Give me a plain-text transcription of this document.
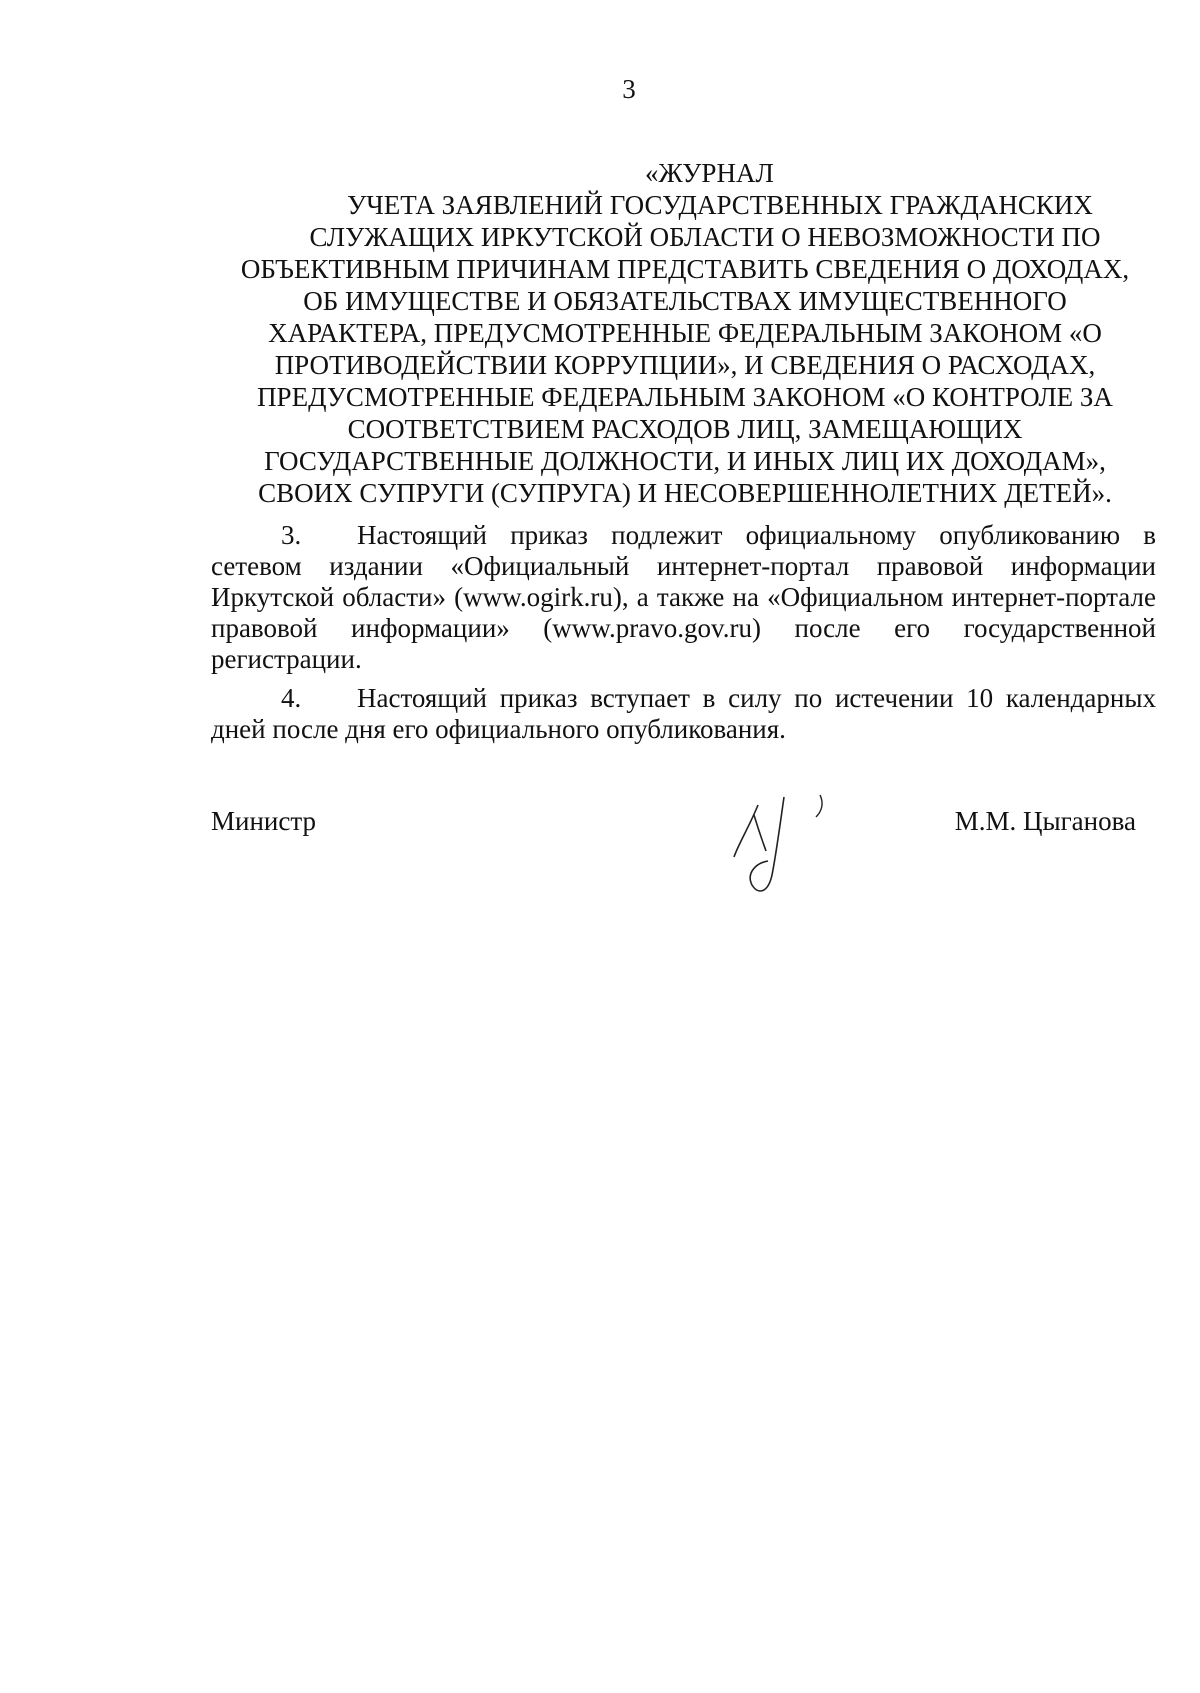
3
«ЖУРНАЛ
УЧЕТА ЗАЯВЛЕНИЙ ГОСУДАРСТВЕННЫХ ГРАЖДАНСКИХ
СЛУЖАЩИХ ИРКУТСКОЙ ОБЛАСТИ О НЕВОЗМОЖНОСТИ ПО
ОБЪЕКТИВНЫМ ПРИЧИНАМ ПРЕДСТАВИТЬ СВЕДЕНИЯ О ДОХОДАХ,
ОБ ИМУЩЕСТВЕ И ОБЯЗАТЕЛЬСТВАХ ИМУЩЕСТВЕННОГО
ХАРАКТЕРА, ПРЕДУСМОТРЕННЫЕ ФЕДЕРАЛЬНЫМ ЗАКОНОМ «О
ПРОТИВОДЕЙСТВИИ КОРРУПЦИИ», И СВЕДЕНИЯ О РАСХОДАХ,
ПРЕДУСМОТРЕННЫЕ ФЕДЕРАЛЬНЫМ ЗАКОНОМ «О КОНТРОЛЕ ЗА
СООТВЕТСТВИЕМ РАСХОДОВ ЛИЦ, ЗАМЕЩАЮЩИХ
ГОСУДАРСТВЕННЫЕ ДОЛЖНОСТИ, И ИНЫХ ЛИЦ ИХ ДОХОДАМ»,
СВОИХ СУПРУГИ (СУПРУГА) И НЕСОВЕРШЕННОЛЕТНИХ ДЕТЕЙ».
3. Настоящий приказ подлежит официальному опубликованию в сетевом издании «Официальный интернет-портал правовой информации Иркутской области» (www.ogirk.ru), а также на «Официальном интернет-портале правовой информации» (www.pravo.gov.ru) после его государственной регистрации.
4. Настоящий приказ вступает в силу по истечении 10 календарных дней после дня его официального опубликования.
Министр	М.М. Цыганова
